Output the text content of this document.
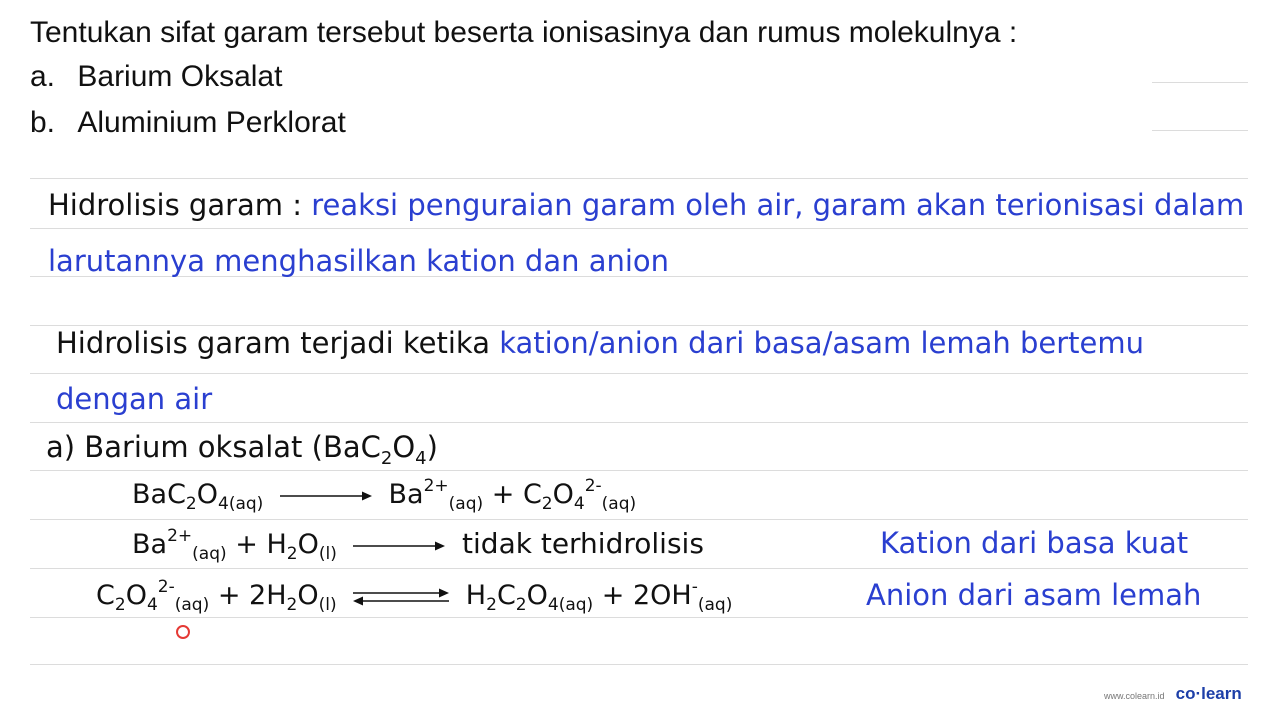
Tentukan sifat garam tersebut beserta ionisasinya dan rumus molekulnya :
a. Barium Oksalat
b. Aluminium Perklorat
Hidrolisis garam : reaksi penguraian garam oleh air, garam akan terionisasi dalam
larutannya menghasilkan kation dan anion
Hidrolisis garam terjadi ketika kation/anion dari basa/asam lemah bertemu
dengan air
a) Barium oksalat $(BaC_2O_4)$
$BaC_2O_{4(aq)} \to Ba^{2+}_{(aq)} + C_2O_4^{2-}_{(aq)}$
$Ba^{2+}_{(aq)} + H_2O_{(l)}$ → tidak terhidrolisis	Kation dari basa kuat
$C_2O_4^{2-}_{(aq)} + 2H_2O_{(l)}$ ⇌ $H_2C_2O_{4(aq)} + 2OH^-_{(aq)}$	Anion dari asam lemah
www.colearn.id co·learn
